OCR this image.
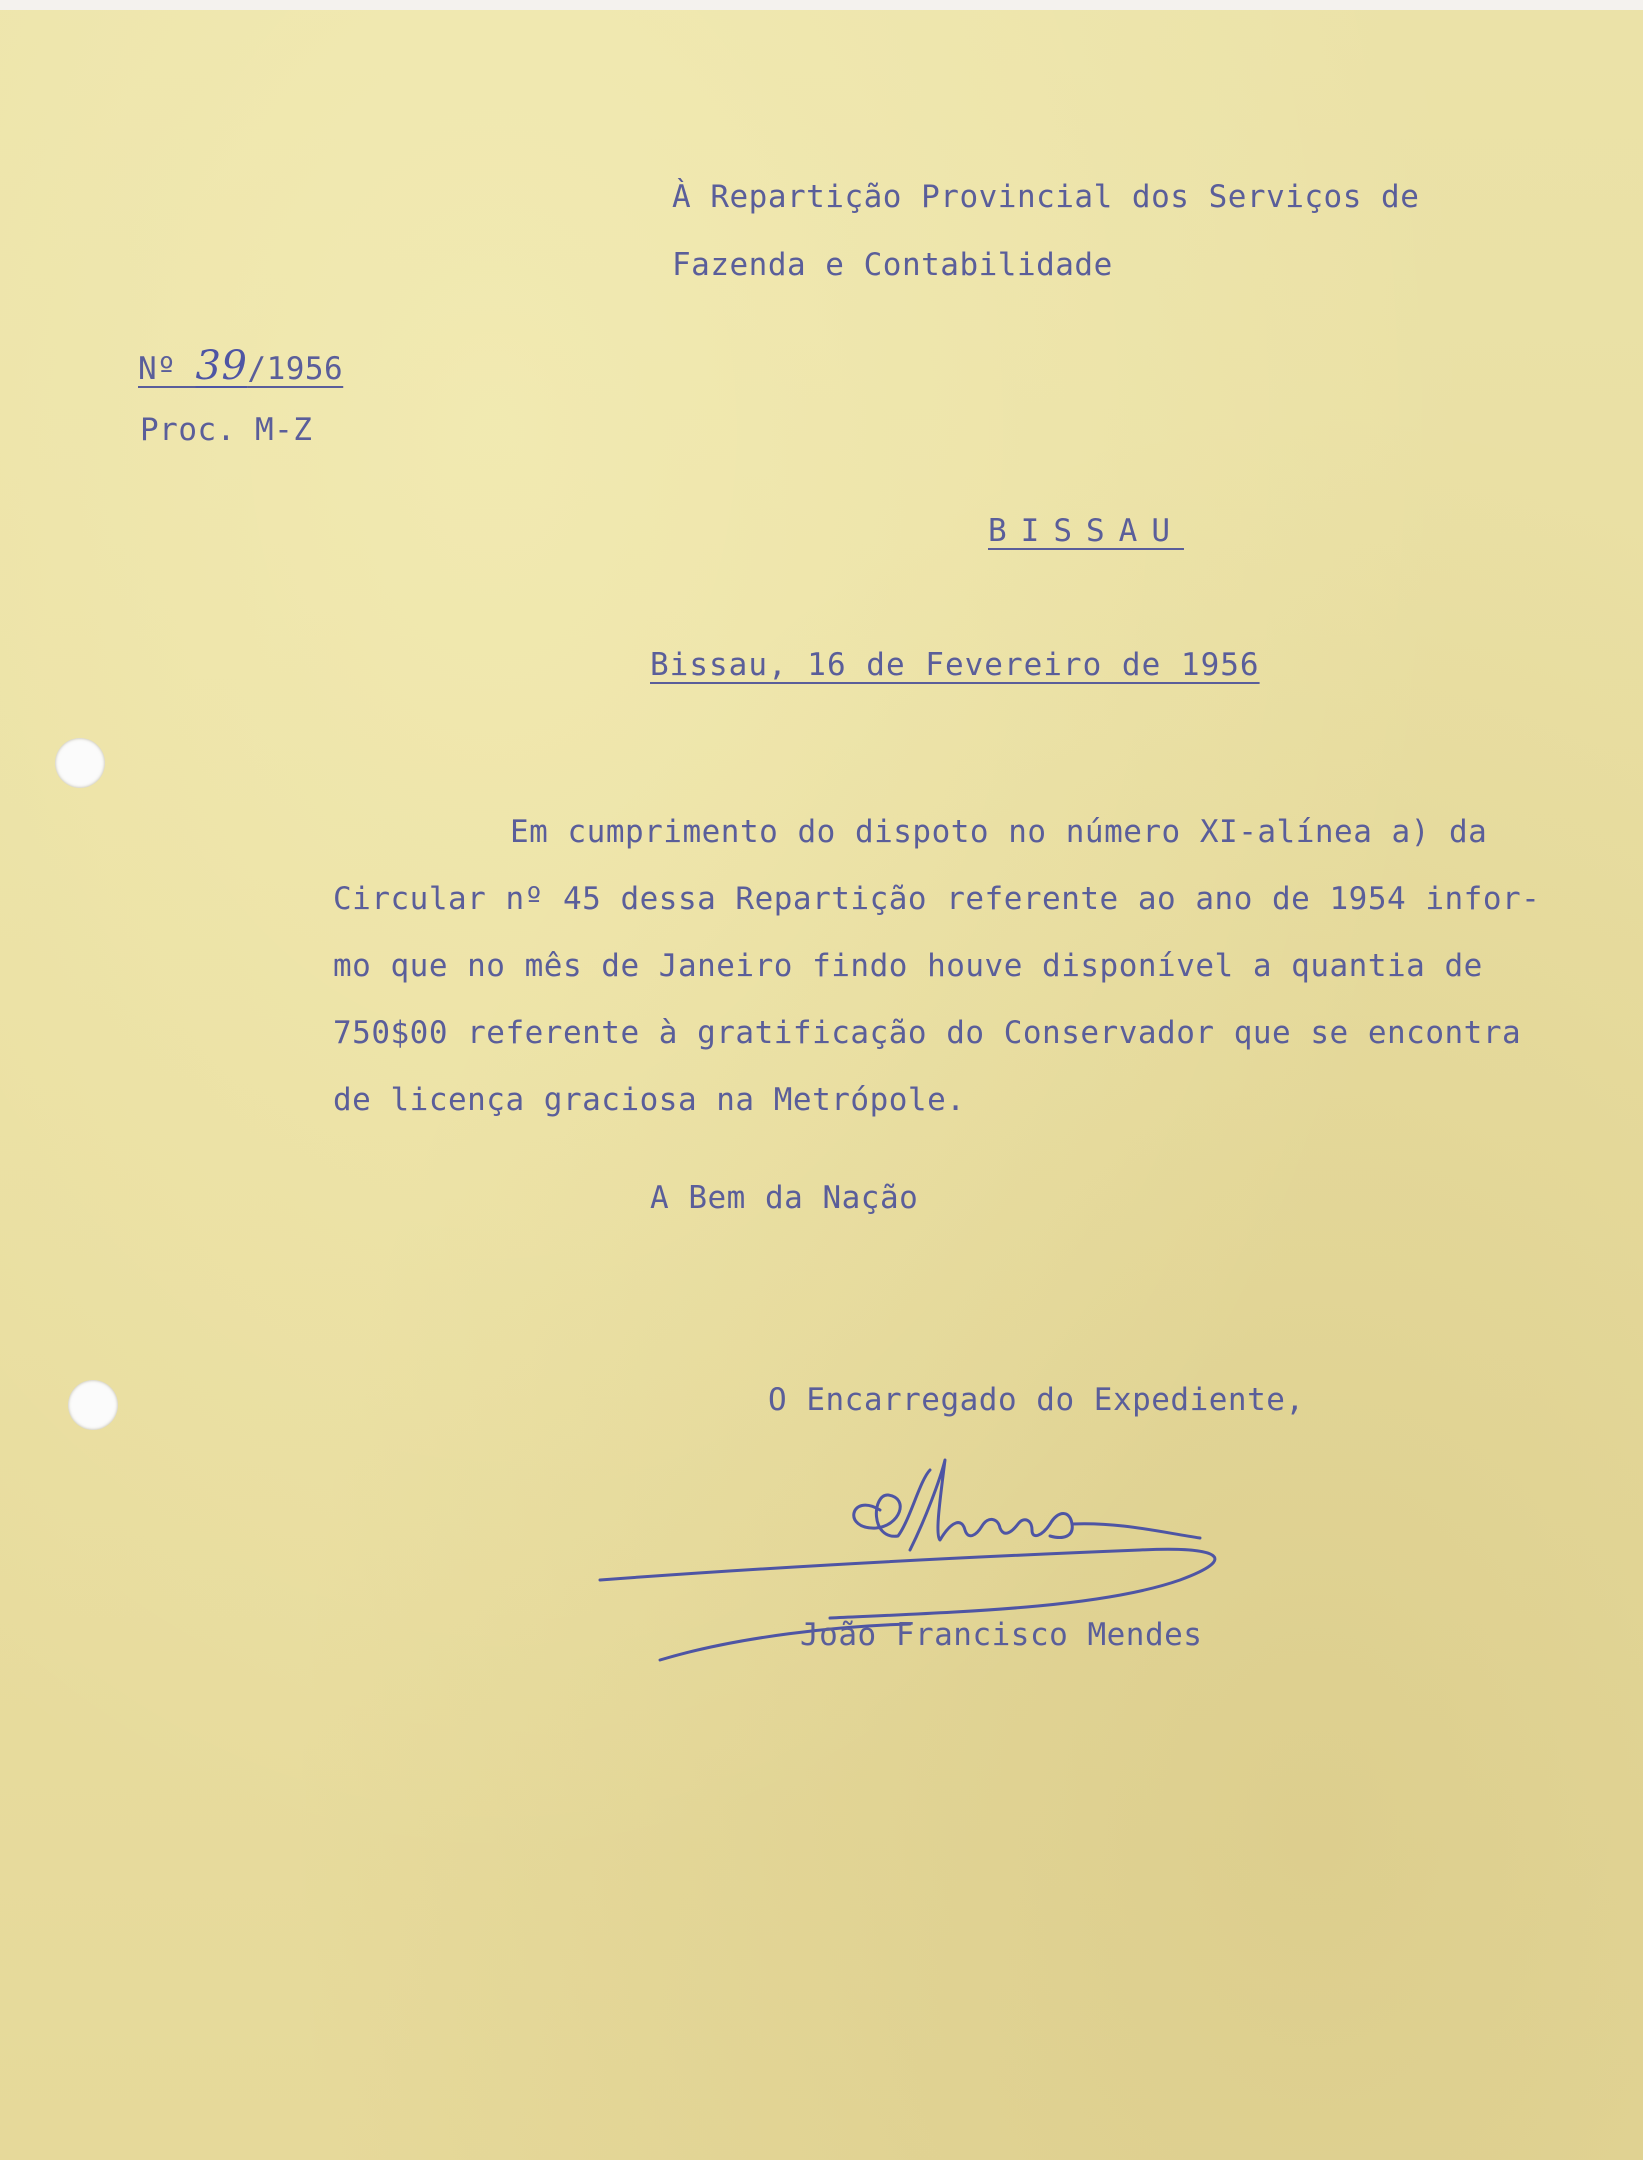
À Repartição Provincial dos Serviços de
Fazenda e Contabilidade
Nº 39/1956
Proc. M-Z
BISSAU
Bissau, 16 de Fevereiro de 1956
Em cumprimento do dispoto no número XI-alínea a) da
Circular nº 45 dessa Repartição referente ao ano de 1954 infor-
mo que no mês de Janeiro findo houve disponível a quantia de
750$00 referente à gratificação do Conservador que se encontra
de licença graciosa na Metrópole.
A Bem da Nação
O Encarregado do Expediente,
João Francisco Mendes
